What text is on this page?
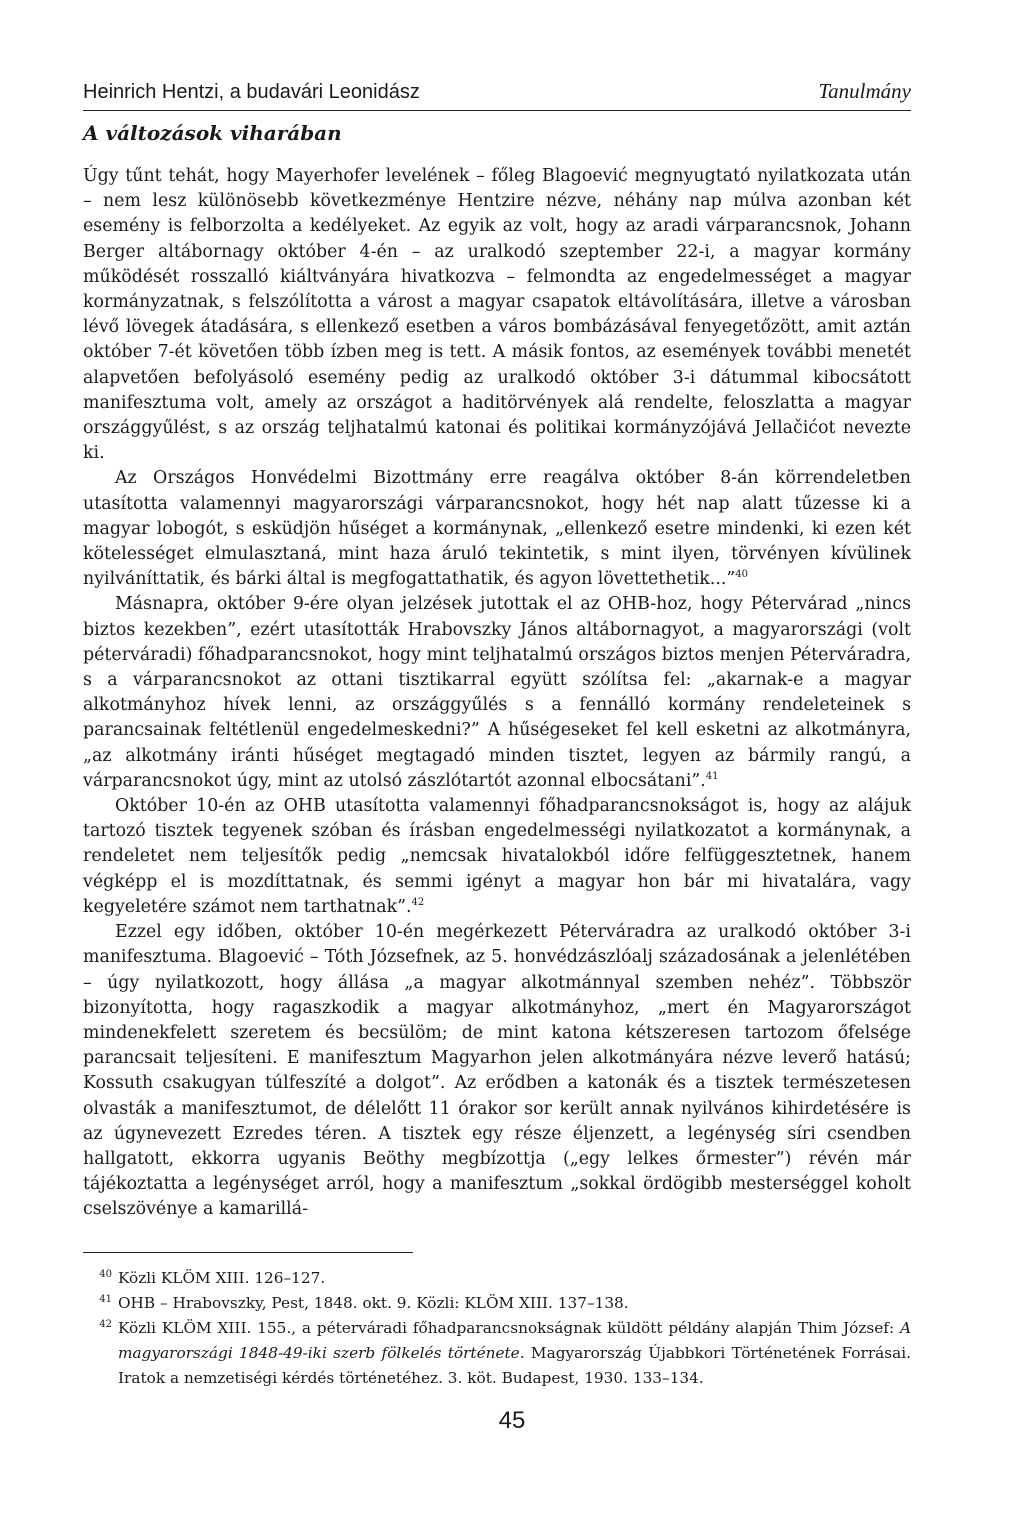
Heinrich Hentzi, a budavári Leonidász	Tanulmány
A változások viharában

Úgy tűnt tehát, hogy Mayerhofer levelének – főleg Blagoević megnyugtató nyilatkozata után – nem lesz különösebb következménye Hentzire nézve, néhány nap múlva azonban két esemény is felborzolta a kedélyeket. Az egyik az volt, hogy az aradi várparancsnok, Johann Berger altábornagy október 4-én – az uralkodó szeptember 22-i, a magyar kormány működését rosszalló kiáltványára hivatkozva – felmondta az engedelmességet a magyar kormányzatnak, s felszólította a várost a magyar csapatok eltávolítására, illetve a városban lévő lövegek átadására, s ellenkező esetben a város bombázásával fenyegetőzött, amit aztán október 7-ét követően több ízben meg is tett. A másik fontos, az események további menetét alapvetően befolyásoló esemény pedig az uralkodó október 3-i dátummal kibocsátott manifesztuma volt, amely az országot a haditörvények alá rendelte, feloszlatta a magyar országgyűlést, s az ország teljhatalmú katonai és politikai kormányzójává Jellačićot nevezte ki.

Az Országos Honvédelmi Bizottmány erre reagálva október 8-án körrendeletben utasította valamennyi magyarországi várparancsnokot, hogy hét nap alatt tűzesse ki a magyar lobogót, s esküdjön hűséget a kormánynak, „ellenkező esetre mindenki, ki ezen két kötelességet elmulasztaná, mint haza áruló tekintetik, s mint ilyen, törvényen kívülinek nyilváníttatik, és bárki által is megfogattathatik, és agyon lövettethetik...”$^{40}$

Másnapra, október 9-ére olyan jelzések jutottak el az OHB-hoz, hogy Pétervárad „nincs biztos kezekben”, ezért utasították Hrabovszky János altábornagyot, a magyarországi (volt péterváradi) főhadparancsnokot, hogy mint teljhatalmú országos biztos menjen Péterváradra, s a várparancsnokot az ottani tisztikarral együtt szólítsa fel: „akarnak-e a magyar alkotmányhoz hívek lenni, az országgyűlés s a fennálló kormány rendeleteinek s parancsainak feltétlenül engedelmeskedni?” A hűségeseket fel kell esketni az alkotmányra, „az alkotmány iránti hűséget megtagadó minden tisztet, legyen az bármily rangú, a várparancsnokot úgy, mint az utolsó zászlótartót azonnal elbocsátani”.$^{41}$

Október 10-én az OHB utasította valamennyi főhadparancsnokságot is, hogy az alájuk tartozó tisztek tegyenek szóban és írásban engedelmességi nyilatkozatot a kormánynak, a rendeletet nem teljesítők pedig „nemcsak hivatalokból időre felfüggesztetnek, hanem végképp el is mozdíttatnak, és semmi igényt a magyar hon bár mi hivatalára, vagy kegyeletére számot nem tarthatnak”.$^{42}$

Ezzel egy időben, október 10-én megérkezett Péterváradra az uralkodó október 3-i manifesztuma. Blagoević – Tóth Józsefnek, az 5. honvédzászlóalj századosának a jelenlétében – úgy nyilatkozott, hogy állása „a magyar alkotmánnyal szemben nehéz”. Többször bizonyította, hogy ragaszkodik a magyar alkotmányhoz, „mert én Magyarországot mindenekfelett szeretem és becsülöm; de mint katona kétszeresen tartozom őfelsége parancsait teljesíteni. E manifesztum Magyarhon jelen alkotmányára nézve leverő hatású; Kossuth csakugyan túlfeszíté a dolgot”. Az erődben a katonák és a tisztek természetesen olvasták a manifesztumot, de délelőtt 11 órakor sor került annak nyilvános kihirdetésére is az úgynevezett Ezredes téren. A tisztek egy része éljenzett, a legénység síri csendben hallgatott, ekkorra ugyanis Beöthy megbízottja („egy lelkes őrmester”) révén már tájékoztatta a legénységet arról, hogy a manifesztum „sokkal ördögibb mesterséggel koholt cselszövénye a kamarillá-

$^{40}$ Közli KLÖM XIII. 126–127.
$^{41}$ OHB – Hrabovszky, Pest, 1848. okt. 9. Közli: KLÖM XIII. 137–138.
$^{42}$ Közli KLÖM XIII. 155., a péterváradi főhadparancsnokságnak küldött példány alapján Thim József: A magyarországi 1848-49-iki szerb fölkelés története. Magyarország Újabbkori Történetének Forrásai. Iratok a nemzetiségi kérdés történetéhez. 3. köt. Budapest, 1930. 133–134.
45
